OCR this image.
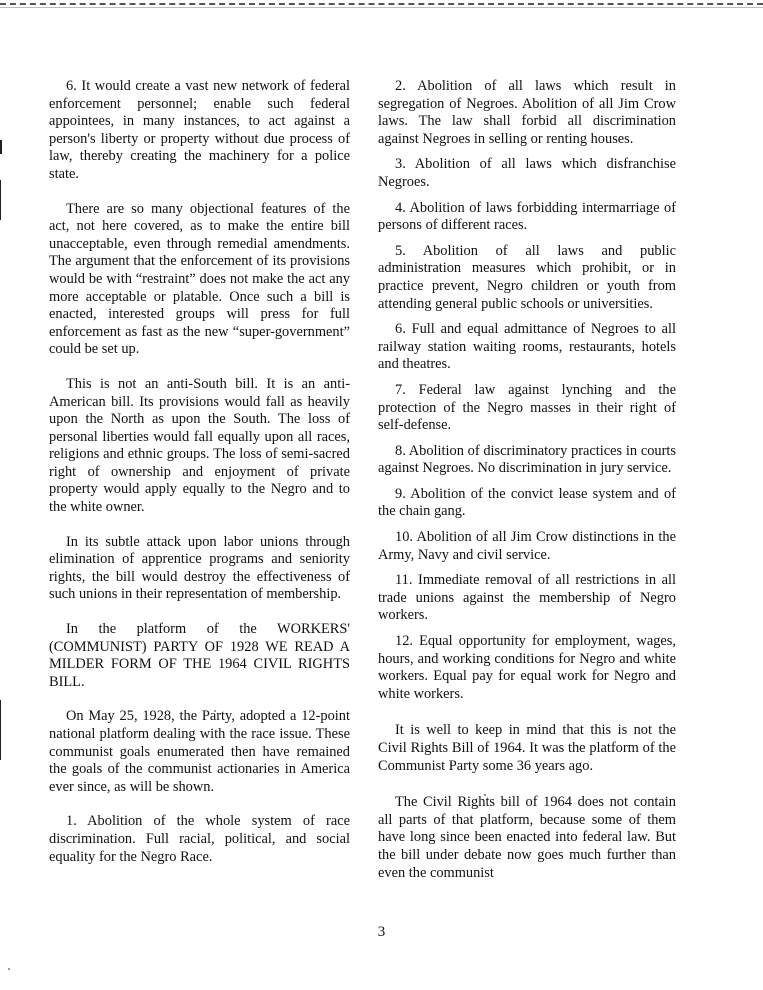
6. It would create a vast new network of federal enforcement personnel; enable such federal appointees, in many instances, to act against a person's liberty or property without due process of law, thereby creating the machinery for a police state.

There are so many objectional features of the act, not here covered, as to make the entire bill unacceptable, even through remedial amendments. The argument that the enforcement of its provisions would be with “restraint” does not make the act any more acceptable or platable. Once such a bill is enacted, interested groups will press for full enforcement as fast as the new “super-government” could be set up.

This is not an anti-South bill. It is an anti-American bill. Its provisions would fall as heavily upon the North as upon the South. The loss of personal liberties would fall equally upon all races, religions and ethnic groups. The loss of semi-sacred right of ownership and enjoyment of private property would apply equally to the Negro and to the white owner.

In its subtle attack upon labor unions through elimination of apprentice programs and seniority rights, the bill would destroy the effectiveness of such unions in their representation of membership.

In the platform of the WORKERS' (COMMUNIST) PARTY OF 1928 WE READ A MILDER FORM OF THE 1964 CIVIL RIGHTS BILL.

On May 25, 1928, the Party, adopted a 12-point national platform dealing with the race issue. These communist goals enumerated then have remained the goals of the communist actionaries in America ever since, as will be shown.

1. Abolition of the whole system of race discrimination. Full racial, political, and social equality for the Negro Race.

2. Abolition of all laws which result in segregation of Negroes. Abolition of all Jim Crow laws. The law shall forbid all discrimination against Negroes in selling or renting houses.

3. Abolition of all laws which disfranchise Negroes.

4. Abolition of laws forbidding intermarriage of persons of different races.

5. Abolition of all laws and public administration measures which prohibit, or in practice prevent, Negro children or youth from attending general public schools or universities.

6. Full and equal admittance of Negroes to all railway station waiting rooms, restaurants, hotels and theatres.

7. Federal law against lynching and the protection of the Negro masses in their right of self-defense.

8. Abolition of discriminatory practices in courts against Negroes. No discrimination in jury service.

9. Abolition of the convict lease system and of the chain gang.

10. Abolition of all Jim Crow distinctions in the Army, Navy and civil service.

11. Immediate removal of all restrictions in all trade unions against the membership of Negro workers.

12. Equal opportunity for employment, wages, hours, and working conditions for Negro and white workers. Equal pay for equal work for Negro and white workers.

It is well to keep in mind that this is not the Civil Rights Bill of 1964. It was the platform of the Communist Party some 36 years ago.

The Civil Rights bill of 1964 does not contain all parts of that platform, because some of them have long since been enacted into federal law. But the bill under debate now goes much further than even the communist

3
